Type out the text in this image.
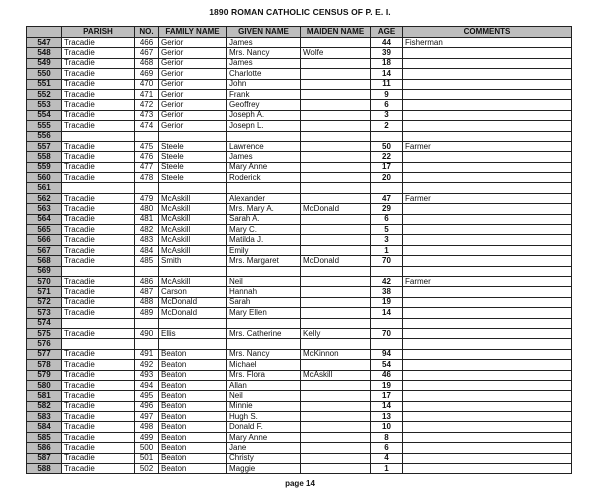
1890 ROMAN CATHOLIC CENSUS OF P. E. I.
	PARISH	NO.	FAMILY NAME	GIVEN NAME	MAIDEN NAME	AGE	COMMENTS
547	Tracadie	466	Gerior	James		44	Fisherman
548	Tracadie	467	Gerior	Mrs. Nancy	Wolfe	39	
549	Tracadie	468	Gerior	James		18	
550	Tracadie	469	Gerior	Charlotte		14	
551	Tracadie	470	Gerior	John		11	
552	Tracadie	471	Gerior	Frank		9	
553	Tracadie	472	Gerior	Geoffrey		6	
554	Tracadie	473	Gerior	Joseph A.		3	
555	Tracadie	474	Gerior	Josepn L.		2	
556							
557	Tracadie	475	Steele	Lawrence		50	Farmer
558	Tracadie	476	Steele	James		22	
559	Tracadie	477	Steele	Mary Anne		17	
560	Tracadie	478	Steele	Roderick		20	
561							
562	Tracadie	479	McAskill	Alexander		47	Farmer
563	Tracadie	480	McAskill	Mrs. Mary A.	McDonald	29	
564	Tracadie	481	McAskill	Sarah A.		6	
565	Tracadie	482	McAskill	Mary C.		5	
566	Tracadie	483	McAskill	Matilda J.		3	
567	Tracadie	484	McAskill	Emily		1	
568	Tracadie	485	Smith	Mrs. Margaret	McDonald	70	
569							
570	Tracadie	486	McAskill	Neil		42	Farmer
571	Tracadie	487	Carson	Hannah		38	
572	Tracadie	488	McDonald	Sarah		19	
573	Tracadie	489	McDonald	Mary Ellen		14	
574							
575	Tracadie	490	Ellis	Mrs. Catherine	Kelly	70	
576							
577	Tracadie	491	Beaton	Mrs. Nancy	McKinnon	94	
578	Tracadie	492	Beaton	Michael		54	
579	Tracadie	493	Beaton	Mrs. Flora	McAskill	46	
580	Tracadie	494	Beaton	Allan		19	
581	Tracadie	495	Beaton	Neil		17	
582	Tracadie	496	Beaton	Minnie		14	
583	Tracadie	497	Beaton	Hugh S.		13	
584	Tracadie	498	Beaton	Donald F.		10	
585	Tracadie	499	Beaton	Mary Anne		8	
586	Tracadie	500	Beaton	Jane		6	
587	Tracadie	501	Beaton	Christy		4	
588	Tracadie	502	Beaton	Maggie		1	
page 14
